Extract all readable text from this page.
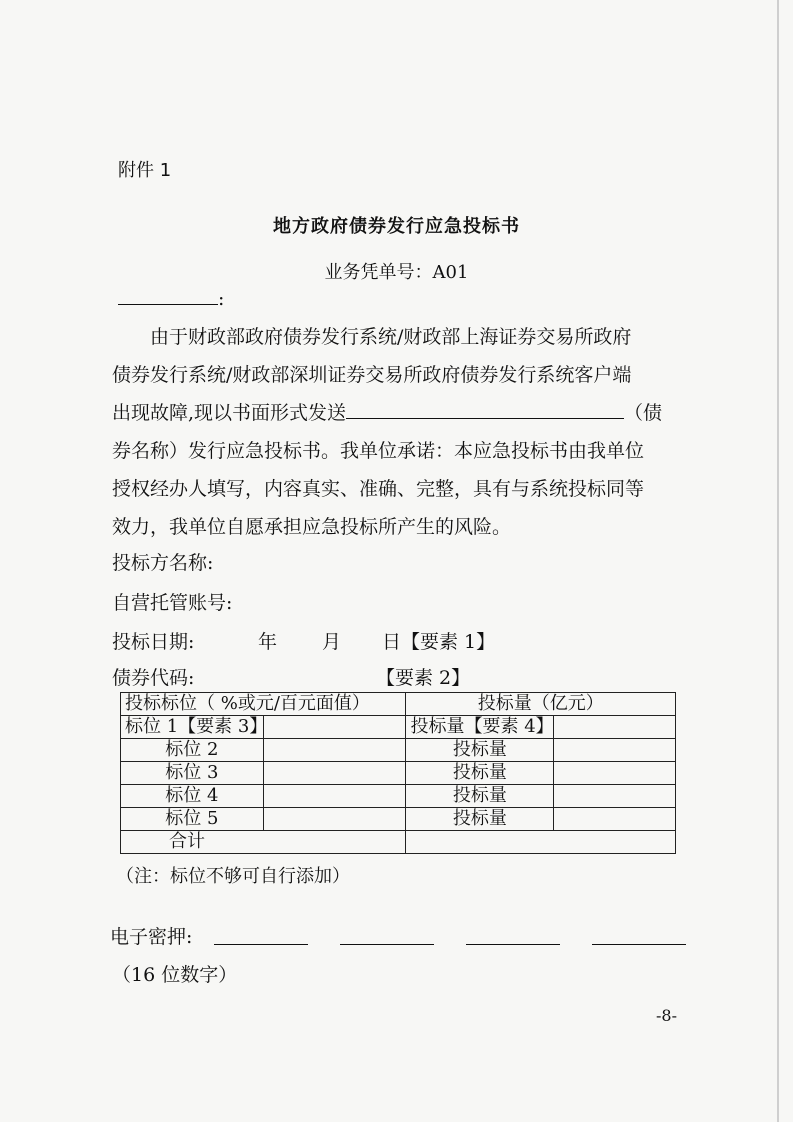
附件 1
地方政府债券发行应急投标书
业务凭单号：A01
:
由于财政部政府债券发行系统/财政部上海证券交易所政府
债券发行系统/财政部深圳证券交易所政府债券发行系统客户端
出现故障,现以书面形式发送	（债
券名称）发行应急投标书。我单位承诺：本应急投标书由我单位
授权经办人填写，内容真实、准确、完整，具有与系统投标同等
效力，我单位自愿承担应急投标所产生的风险。
投标方名称:
自营托管账号:
投标日期:	年 月 日 【要素 1】
债券代码:	【要素 2】
投标标位（ %或元/百元面值）		投标量（亿元）	
标位 1【要素 3】		投标量【要素 4】	
标位 2		投标量	
标位 3		投标量	
标位 4		投标量	
标位 5		投标量	
合计			
（注：标位不够可自行添加）
电子密押:
（16 位数字）
-8-
